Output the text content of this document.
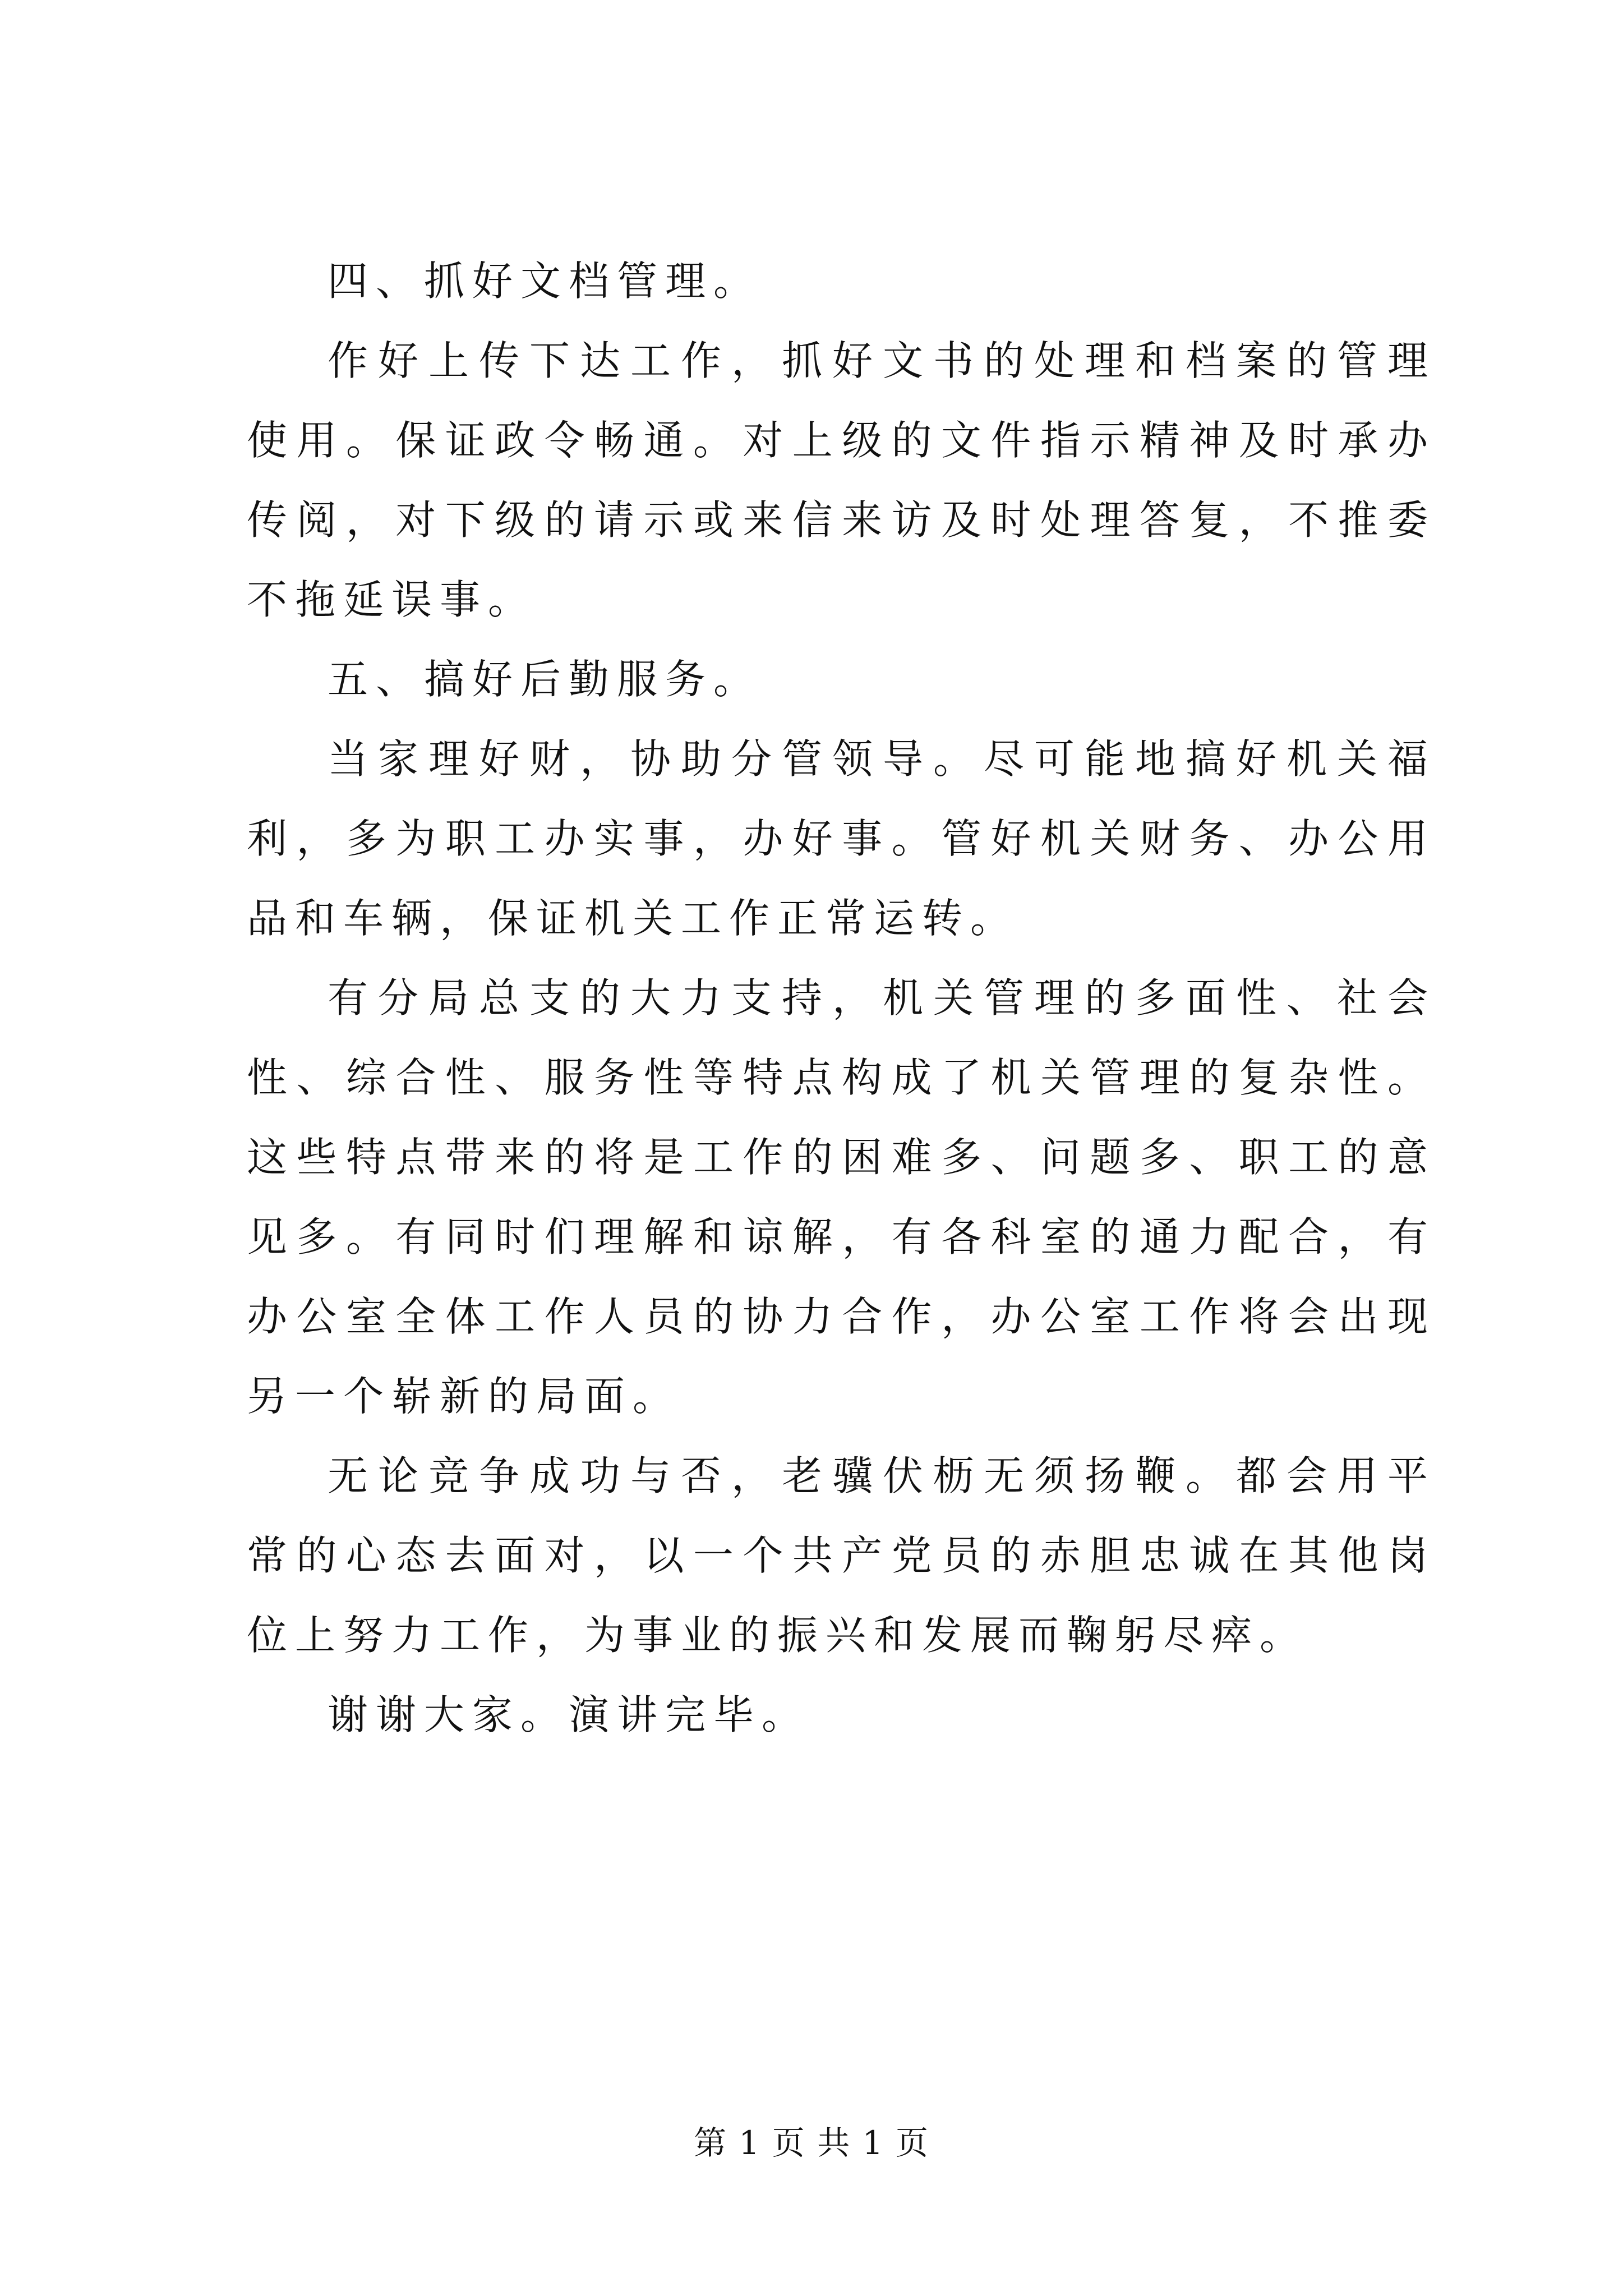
四、抓好文档管理。

作好上传下达工作，抓好文书的处理和档案的管理使用。保证政令畅通。对上级的文件指示精神及时承办传阅，对下级的请示或来信来访及时处理答复，不推委不拖延误事。

五、搞好后勤服务。

当家理好财，协助分管领导。尽可能地搞好机关福利，多为职工办实事，办好事。管好机关财务、办公用品和车辆，保证机关工作正常运转。

有分局总支的大力支持，机关管理的多面性、社会性、综合性、服务性等特点构成了机关管理的复杂性。这些特点带来的将是工作的困难多、问题多、职工的意见多。有同时们理解和谅解，有各科室的通力配合，有办公室全体工作人员的协力合作，办公室工作将会出现另一个崭新的局面。

无论竞争成功与否，老骥伏枥无须扬鞭。都会用平常的心态去面对，以一个共产党员的赤胆忠诚在其他岗位上努力工作，为事业的振兴和发展而鞠躬尽瘁。

谢谢大家。演讲完毕。

第 1 页 共 1 页
